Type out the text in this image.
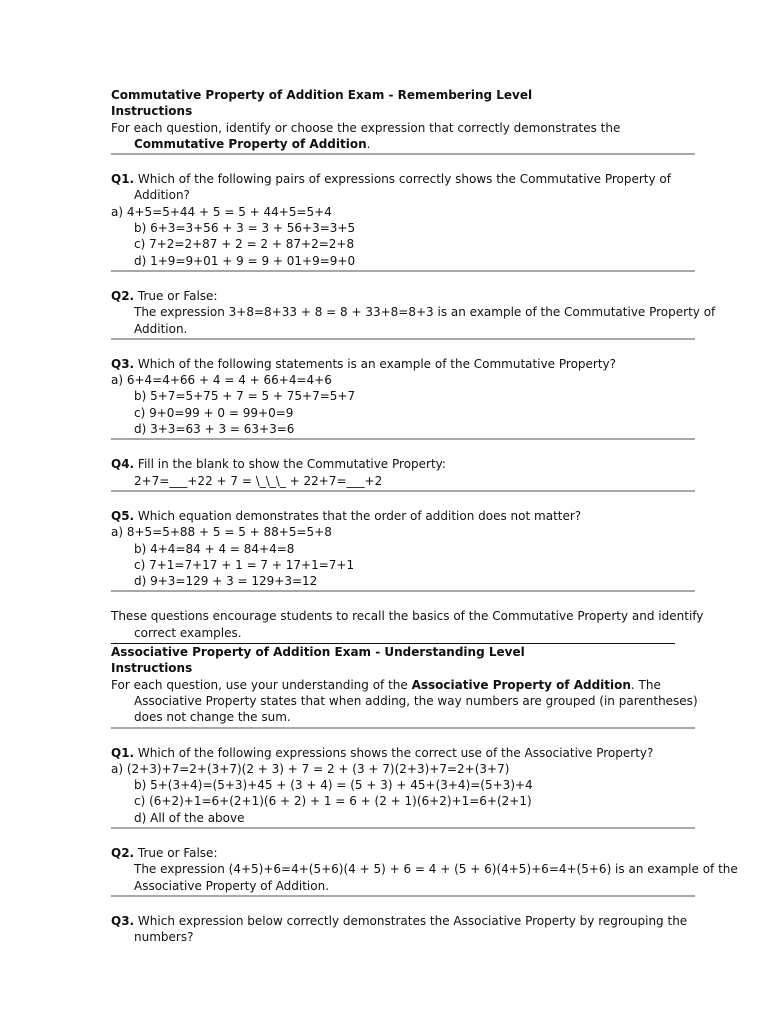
Commutative Property of Addition Exam - Remembering Level
Instructions
For each question, identify or choose the expression that correctly demonstrates the
Commutative Property of Addition.
Q1. Which of the following pairs of expressions correctly shows the Commutative Property of
Addition?
a) 4+5=5+44 + 5 = 5 + 44+5=5+4
b) 6+3=3+56 + 3 = 3 + 56+3=3+5
c) 7+2=2+87 + 2 = 2 + 87+2=2+8
d) 1+9=9+01 + 9 = 9 + 01+9=9+0
Q2. True or False:
The expression 3+8=8+33 + 8 = 8 + 33+8=8+3 is an example of the Commutative Property of
Addition.
Q3. Which of the following statements is an example of the Commutative Property?
a) 6+4=4+66 + 4 = 4 + 66+4=4+6
b) 5+7=5+75 + 7 = 5 + 75+7=5+7
c) 9+0=99 + 0 = 99+0=9
d) 3+3=63 + 3 = 63+3=6
Q4. Fill in the blank to show the Commutative Property:
2+7=___+22 + 7 = \_\_\_ + 22+7=___+2
Q5. Which equation demonstrates that the order of addition does not matter?
a) 8+5=5+88 + 5 = 5 + 88+5=5+8
b) 4+4=84 + 4 = 84+4=8
c) 7+1=7+17 + 1 = 7 + 17+1=7+1
d) 9+3=129 + 3 = 129+3=12
These questions encourage students to recall the basics of the Commutative Property and identify
correct examples.
Associative Property of Addition Exam - Understanding Level
Instructions
For each question, use your understanding of the Associative Property of Addition. The
Associative Property states that when adding, the way numbers are grouped (in parentheses)
does not change the sum.
Q1. Which of the following expressions shows the correct use of the Associative Property?
a) (2+3)+7=2+(3+7)(2 + 3) + 7 = 2 + (3 + 7)(2+3)+7=2+(3+7)
b) 5+(3+4)=(5+3)+45 + (3 + 4) = (5 + 3) + 45+(3+4)=(5+3)+4
c) (6+2)+1=6+(2+1)(6 + 2) + 1 = 6 + (2 + 1)(6+2)+1=6+(2+1)
d) All of the above
Q2. True or False:
The expression (4+5)+6=4+(5+6)(4 + 5) + 6 = 4 + (5 + 6)(4+5)+6=4+(5+6) is an example of the
Associative Property of Addition.
Q3. Which expression below correctly demonstrates the Associative Property by regrouping the
numbers?
